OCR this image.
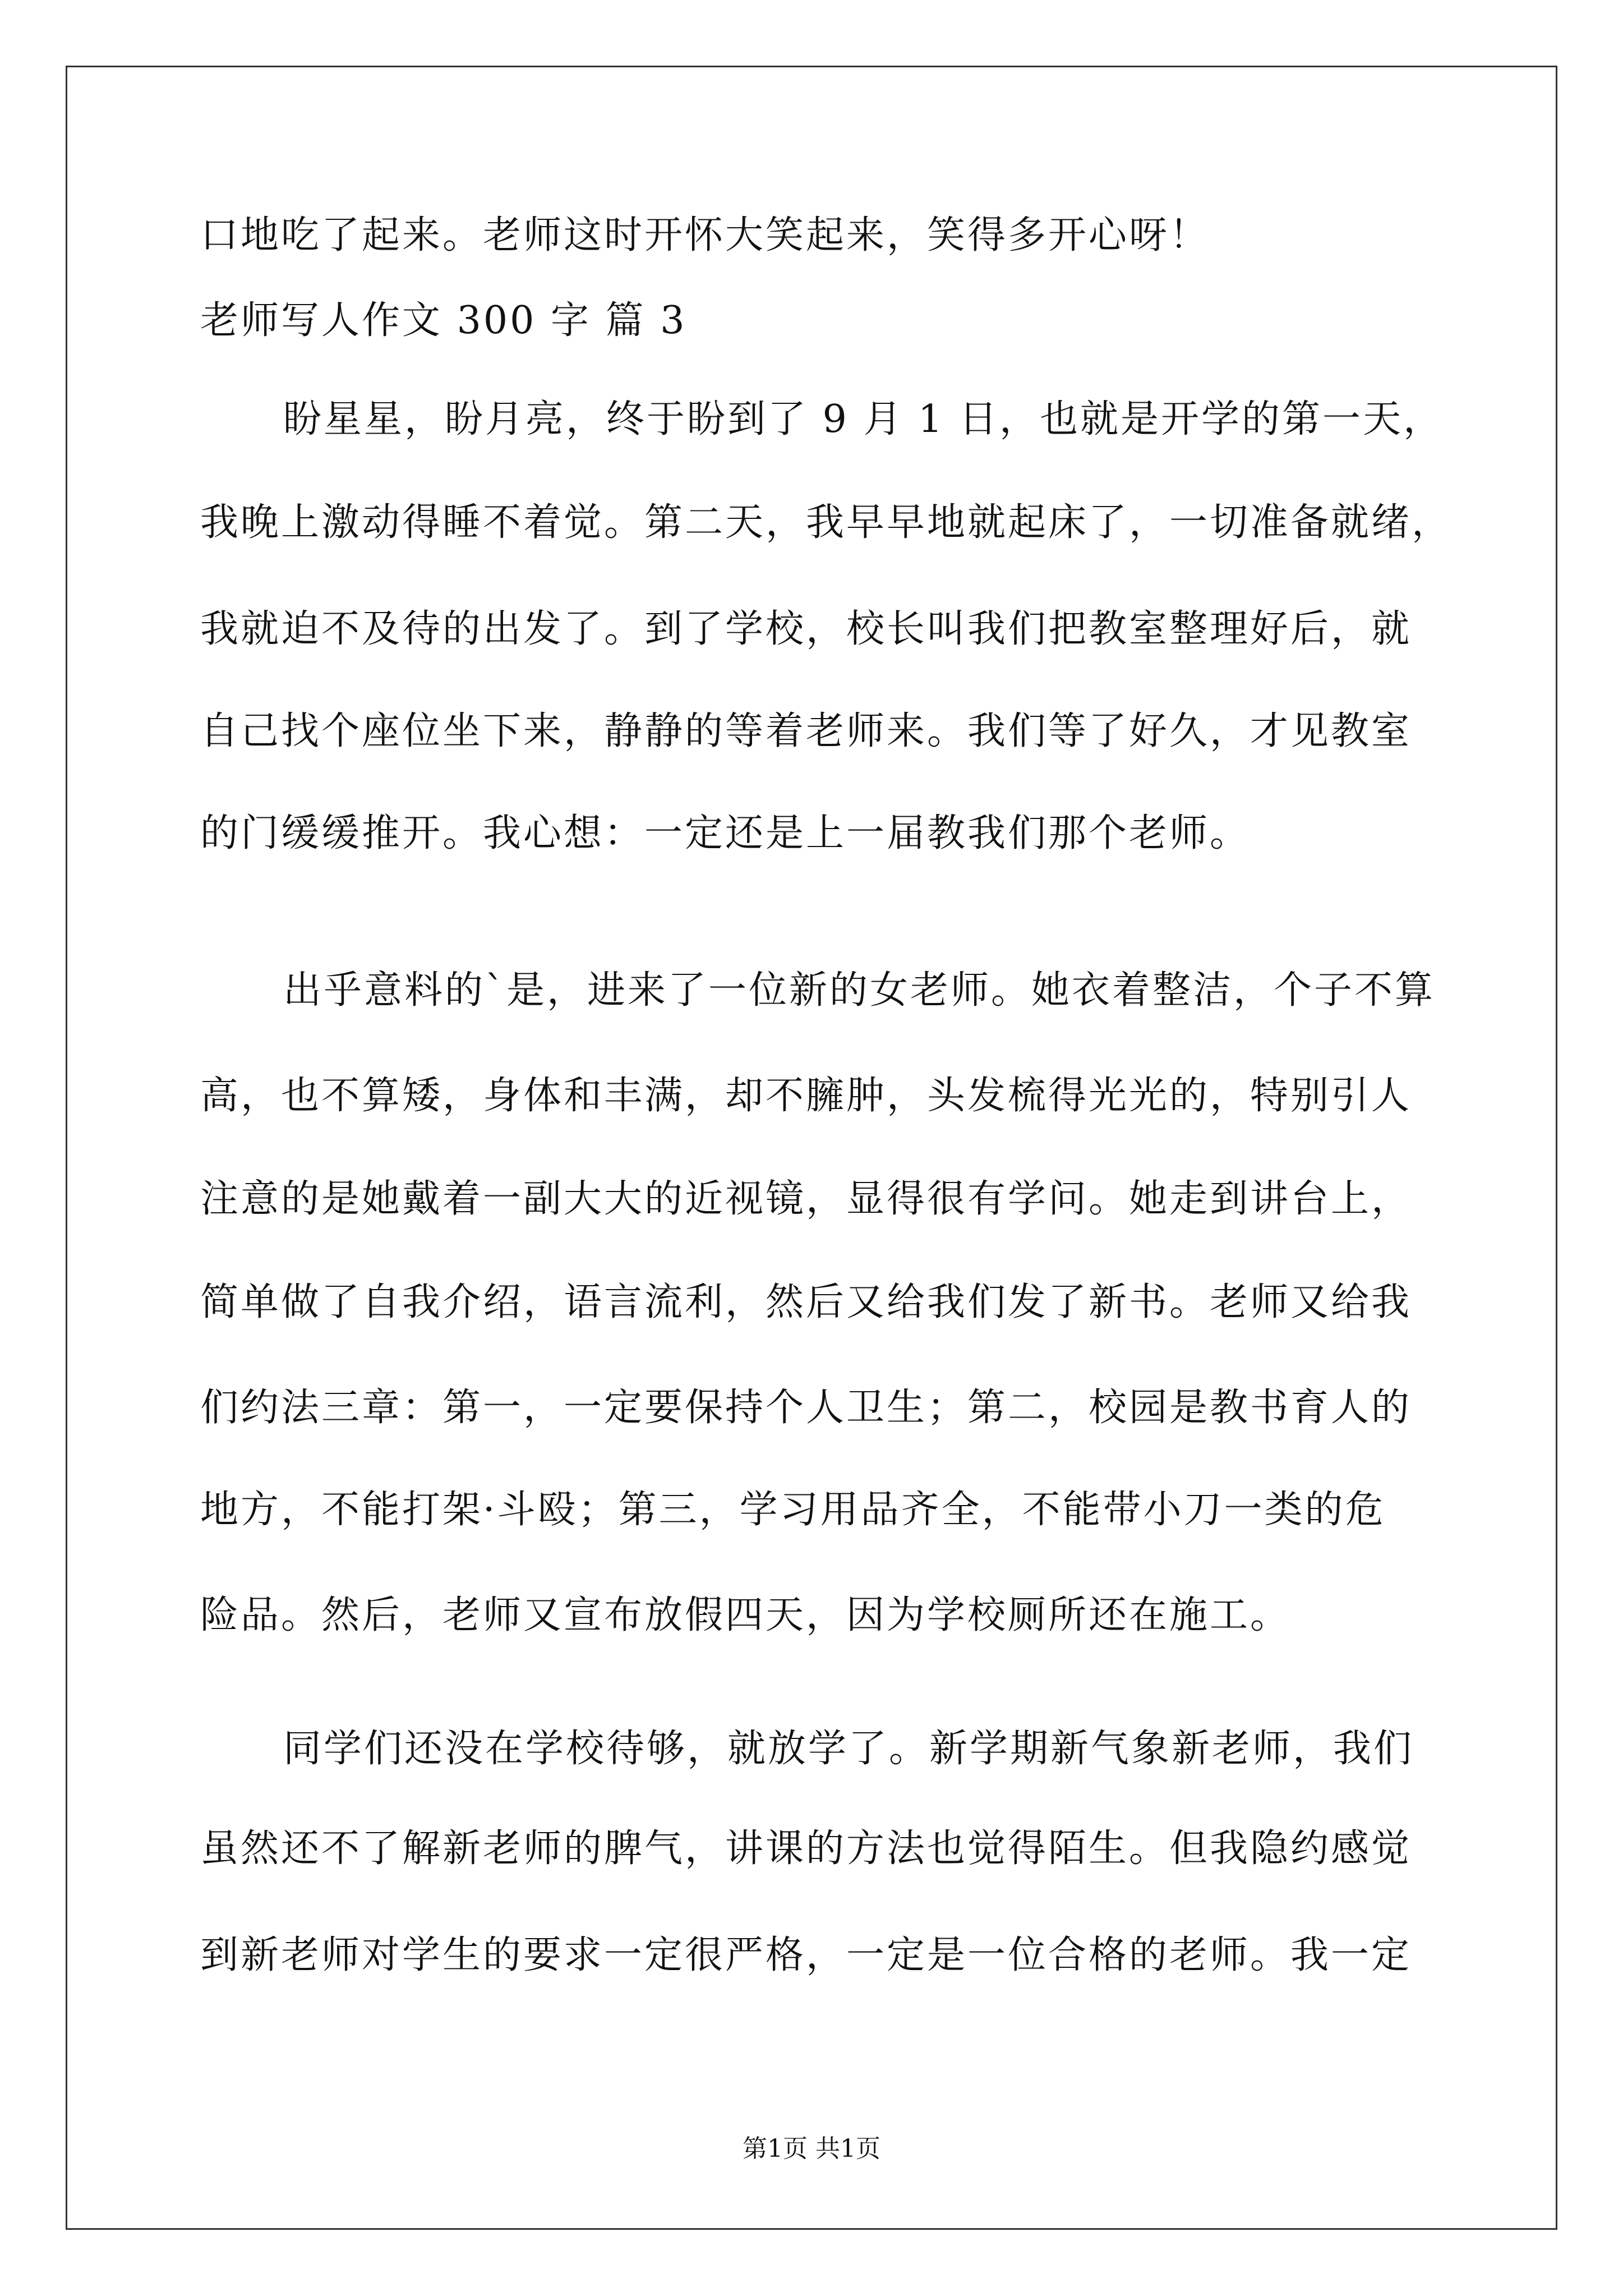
口地吃了起来。老师这时开怀大笑起来，笑得多开心呀！
老师写人作文 300 字 篇 3
盼星星，盼月亮，终于盼到了 9 月 1 日，也就是开学的第一天，
我晚上激动得睡不着觉。第二天，我早早地就起床了，一切准备就绪，
我就迫不及待的出发了。到了学校，校长叫我们把教室整理好后，就
自己找个座位坐下来，静静的等着老师来。我们等了好久，才见教室
的门缓缓推开。我心想：一定还是上一届教我们那个老师。
出乎意料的`是，进来了一位新的女老师。她衣着整洁，个子不算
高，也不算矮，身体和丰满，却不臃肿，头发梳得光光的，特别引人
注意的是她戴着一副大大的近视镜，显得很有学问。她走到讲台上，
简单做了自我介绍，语言流利，然后又给我们发了新书。老师又给我
们约法三章：第一，一定要保持个人卫生；第二，校园是教书育人的
地方，不能打架·斗殴；第三，学习用品齐全，不能带小刀一类的危
险品。然后，老师又宣布放假四天，因为学校厕所还在施工。
同学们还没在学校待够，就放学了。新学期新气象新老师，我们
虽然还不了解新老师的脾气，讲课的方法也觉得陌生。但我隐约感觉
到新老师对学生的要求一定很严格，一定是一位合格的老师。我一定
第1页 共1页
